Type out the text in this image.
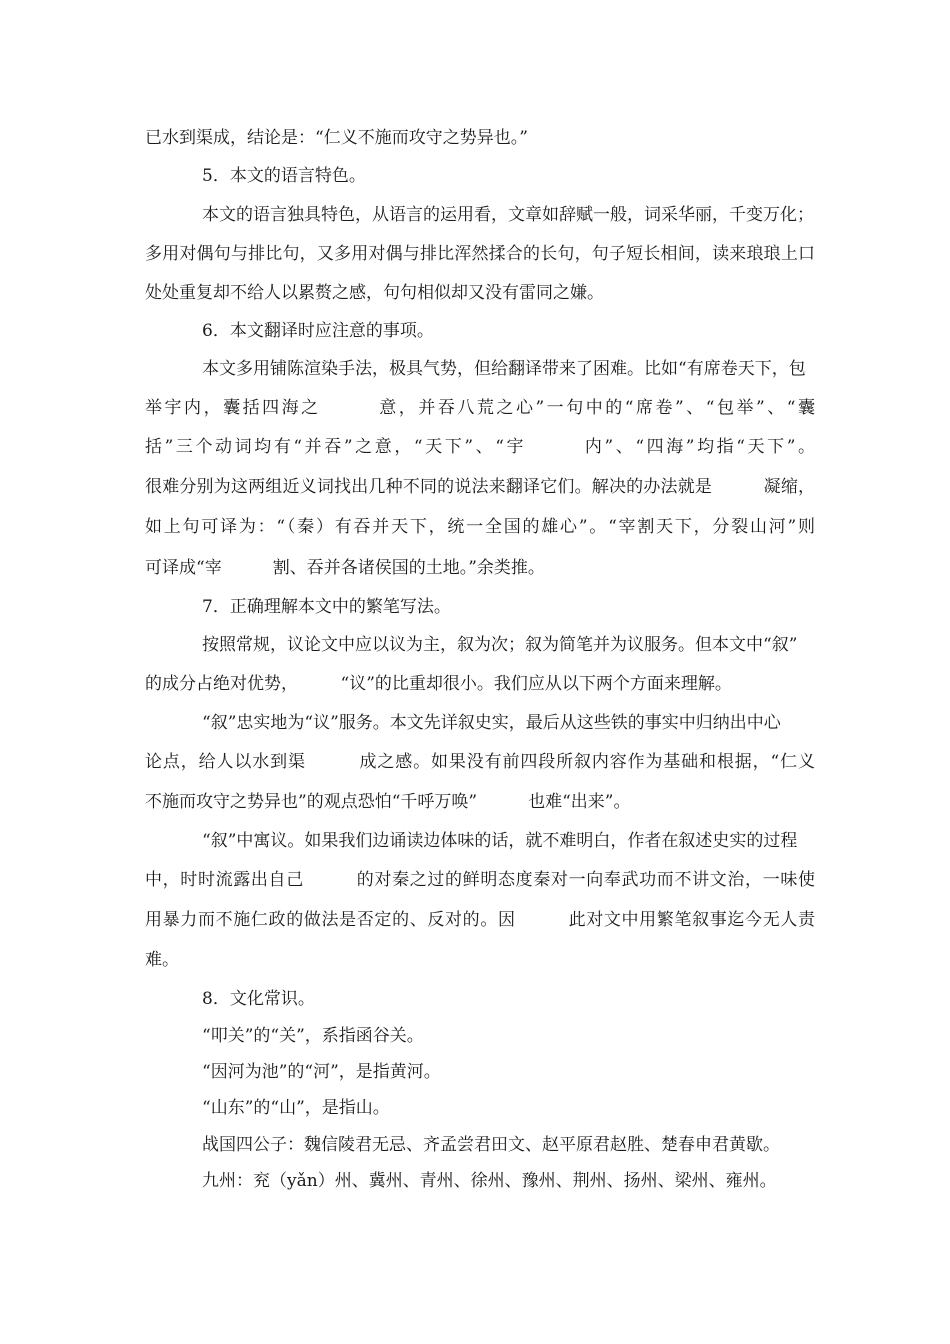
已水到渠成，结论是：“仁义不施而攻守之势异也。”
5．本文的语言特色。
本文的语言独具特色，从语言的运用看，文章如辞赋一般，词采华丽，千变万化；
多用对偶句与排比句，又多用对偶与排比浑然揉合的长句，句子短长相间，读来琅琅上口
处处重复却不给人以累赘之感，句句相似却又没有雷同之嫌。
6．本文翻译时应注意的事项。
本文多用铺陈渲染手法，极具气势，但给翻译带来了困难。比如“有席卷天下，包
举宇内，囊括四海之　　　意，并吞八荒之心”一句中的“席卷”、“包举”、“囊
括”三个动词均有“并吞”之意，“天下”、“宇　　　内”、“四海”均指“天下”。
很难分别为这两组近义词找出几种不同的说法来翻译它们。解决的办法就是　　　凝缩，
如上句可译为：“（秦）有吞并天下，统一全国的雄心”。“宰割天下，分裂山河”则
可译成“宰　　　割、吞并各诸侯国的土地。”余类推。
7．正确理解本文中的繁笔写法。
按照常规，议论文中应以议为主，叙为次；叙为简笔并为议服务。但本文中“叙”
的成分占绝对优势，　　　“议”的比重却很小。我们应从以下两个方面来理解。
“叙”忠实地为“议”服务。本文先详叙史实，最后从这些铁的事实中归纳出中心
论点，给人以水到渠　　　成之感。如果没有前四段所叙内容作为基础和根据，“仁义
不施而攻守之势异也”的观点恐怕“千呼万唤”　　　也难“出来”。
“叙”中寓议。如果我们边诵读边体味的话，就不难明白，作者在叙述史实的过程
中，时时流露出自己　　　的对秦之过的鲜明态度秦对一向奉武功而不讲文治，一味使
用暴力而不施仁政的做法是否定的、反对的。因　　　此对文中用繁笔叙事迄今无人责
难。
8．文化常识。
“叩关”的“关”，系指函谷关。
“因河为池”的“河”，是指黄河。
“山东”的“山”，是指山。
战国四公子：魏信陵君无忌、齐孟尝君田文、赵平原君赵胜、楚春申君黄歇。
九州：兖（yǎn）州、冀州、青州、徐州、豫州、荆州、扬州、梁州、雍州。
